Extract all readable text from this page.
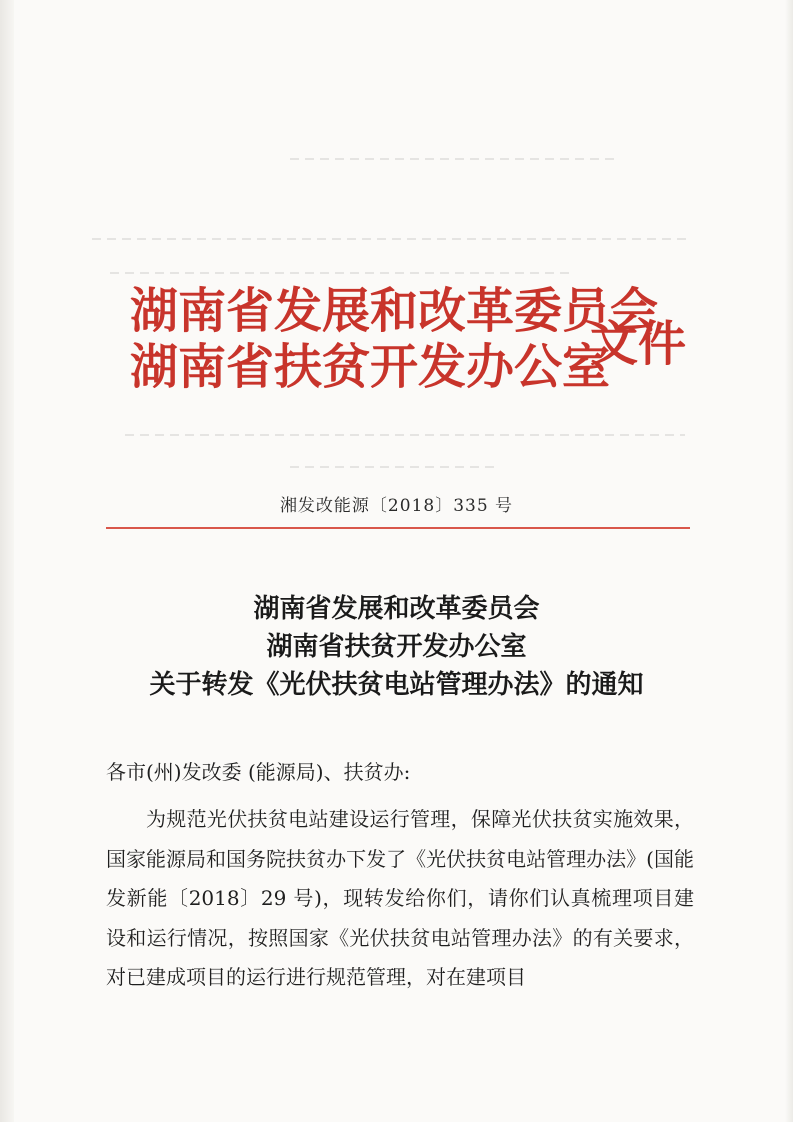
湖南省发展和改革委员会
湖南省扶贫开发办公室
文件
湘发改能源〔2018〕335 号
湖南省发展和改革委员会
湖南省扶贫开发办公室
关于转发《光伏扶贫电站管理办法》的通知
各市(州)发改委 (能源局)、扶贫办:
为规范光伏扶贫电站建设运行管理，保障光伏扶贫实施效果，国家能源局和国务院扶贫办下发了《光伏扶贫电站管理办法》(国能发新能〔2018〕29 号)，现转发给你们，请你们认真梳理项目建设和运行情况，按照国家《光伏扶贫电站管理办法》的有关要求，对已建成项目的运行进行规范管理，对在建项目
